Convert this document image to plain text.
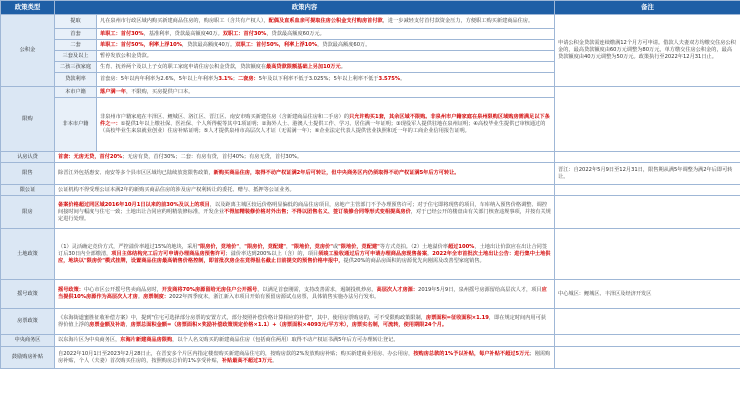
政策类型	政策内容		备注
公积金	提取	凡在泉州市行政区域内购买新建商品住房的，购房职工（含共有产权人），配偶及直系血亲可提取住房公积金支付购房首付款，进一步减轻支付首付款资金压力，方便职工购买新建商品住房。	申请公积金贷款需连续缴满12个月方可申请。借款人夫妻双方均缴交住房公积金的，最高贷款额度由60万元调整为80万元，单方缴交住房公积金的，最高贷款额度由40万元调整为50万元。政策执行至2022年12月31日止。
	首套	单职工：首付30%，基准利率，贷款最高额度40万。双职工：首付30%，贷款最高额度60万元。	
	二套	单职工：首付50%，利率上浮10%，贷款最高额度40万。双职工：首付50%，利率上浮10%，贷款最高额度60万。	
	三套及以上	暂停发放公积金贷款。	
	二孩三孩家庭	生育、抚养两个及以上子女的职工家庭申请住房公积金贷款，贷款额度在最高贷款限额基础上另加10万元。	
	贷款利率	首套房：5年以内年利率为2.6%，5年以上年利率为3.1%；二套房：5年及以下利率不低于3.025%；5年以上利率不低于3.575%。	
限购	本市户籍	落户满一年，不限购，买房提供户口本。	
	非本市户籍	非泉州市户籍家庭在丰泽区、鲤城区、洛江区、晋江区、南安市购买新建住房（含新建商品住房和二手房）的只允许购买1套，其余区域不限购。非泉州市户籍家庭在泉州限购区域购房需满足以下条件之一：①提供1年以上缴社保、医社保、个人所得税等其中1项证明；②海外人士、港澳人士提供工作、学习、居住满一年证明；③现役军人提供驻地在泉州证明；④高校毕业生提供已审核通过的（高校毕业生来泉就业创业）住房补贴证明；⑤人才提供泉州市高层次人才证（无需满一年）；⑥企业法定代表人提供营业执照和近一年的工商企业信用报告证明。	
认房认贷	首套：无房无贷，首付20%；无房有贷，首付30%；二套：有房有贷，首付40%；有房无贷，首付30%。		
限售	除晋江外包括惠安、南安等多个县市区区域均已陆续放宽限售政策，新购买商品住房，取得不动产权证满2年后可转让，但中央商务区内仍须取得不动产权证满5年后方可转让。		晋江：自2022年5月9日至12月31日，限售期从满5年调整为满2年后即可转让。
限公证	公证机构不得受理公证本满2年的新购买商品住房的涉及房产权利转让的委托、赠与、抵押等公证业务。		
限房	备案价格超过同区域2016年10月1日以来的前30%及以上的项目，以及距离主城区较远价格明显偏低的商品住房项目，房地产主管部门不予办理预售许可；对于住宅即将现售的项目，车库纳入预售价格调整、调控间接时间与幅度与住宅一致；土地出让合同应约明精装修标准，开发企业不得加精装修价格对外出售；不得以团售名义、签订装修合同等形式变相提高房价，对于已经公开的楼盘由有关部门核查违规事项，并按有关规定进行处理。		
土地政策	（1）灵活确定竞价方式，严控溢价率超过15%的地块，采用"限房价，竞地价"，"限房价，竞配建"，"限地价，竞房价"或"限地价，竞配建"等方式竞拍。（2）土地溢价率超过100%，土地出让价款应在出让合同签订后30日内全部缴清，项目主体结构完工后方可申请办理商品房预售许可；溢价率达到200%以上（含）的，项目须竣工验收通过后方可申请办理商品房现售备案。2022年全市首批次土地出让公告：进行集中土地供应，地块以"限房价"模式挂牌，设置商品住房最高销售价格控制，即首批次房企在竞得报名截止日前提交的预售价格申报中，提供20%的商品房面积的房源优先向刚需及改善型家庭销售。		
摇号政策	摇号政策：中心市区公开摇号售卖商品房时，开发商将70%房源留给无房住户公开摇号，以满足首套刚需，支持改善需求，遏制投机炒房。高层次人才房源：2019年5月9日，泉州摇号房源留给高层次人才，项目应当提供10%房源作为高层次人才房。房票制度：2022年四季度末，浙江新入市项目开始有预留房源试点房票，具体销售实施办法另行发布。		中心城区：鲤城区、丰泽区及经济开发区
房票政策	《东海街道蜜胜征收补偿方案》中，提到"住宅可选择部分房票的安置方式，部分按照补偿价格计算相应的补偿"，其中，使用房票购房的，可不受限购政策限制，房票面积=征收面积×1.19，即在规定时间内用可获得价值上浮的房票金额及补助，房票总面积金额=（房票面积×奖励补偿政策规定价格×1.1）+（房票面积×4093元/平方米），房票实名制，可流转，使用期限24个月。		
中央商务区	以东海片区为中央商务区，东海片新建商品房限购，以个人名义购买的新建商品住房（包括商住两用）取得不动产权证书满5年后方可办理转让登记。		
鼓励购房补贴	自2022年10月1日至2023年2月28日止，在晋安多个片区内指定楼盘购买新建商品住宅的，按购房款的2%发放购房补贴；购买新建商业用房、办公用房，按购房总款的1%予以补贴，每户补贴不超过5万元；刚需购房补贴，个人（夫妻）首次购买住房的，按照购房总价的1%享受补贴，补贴最高不超过3万元。		
